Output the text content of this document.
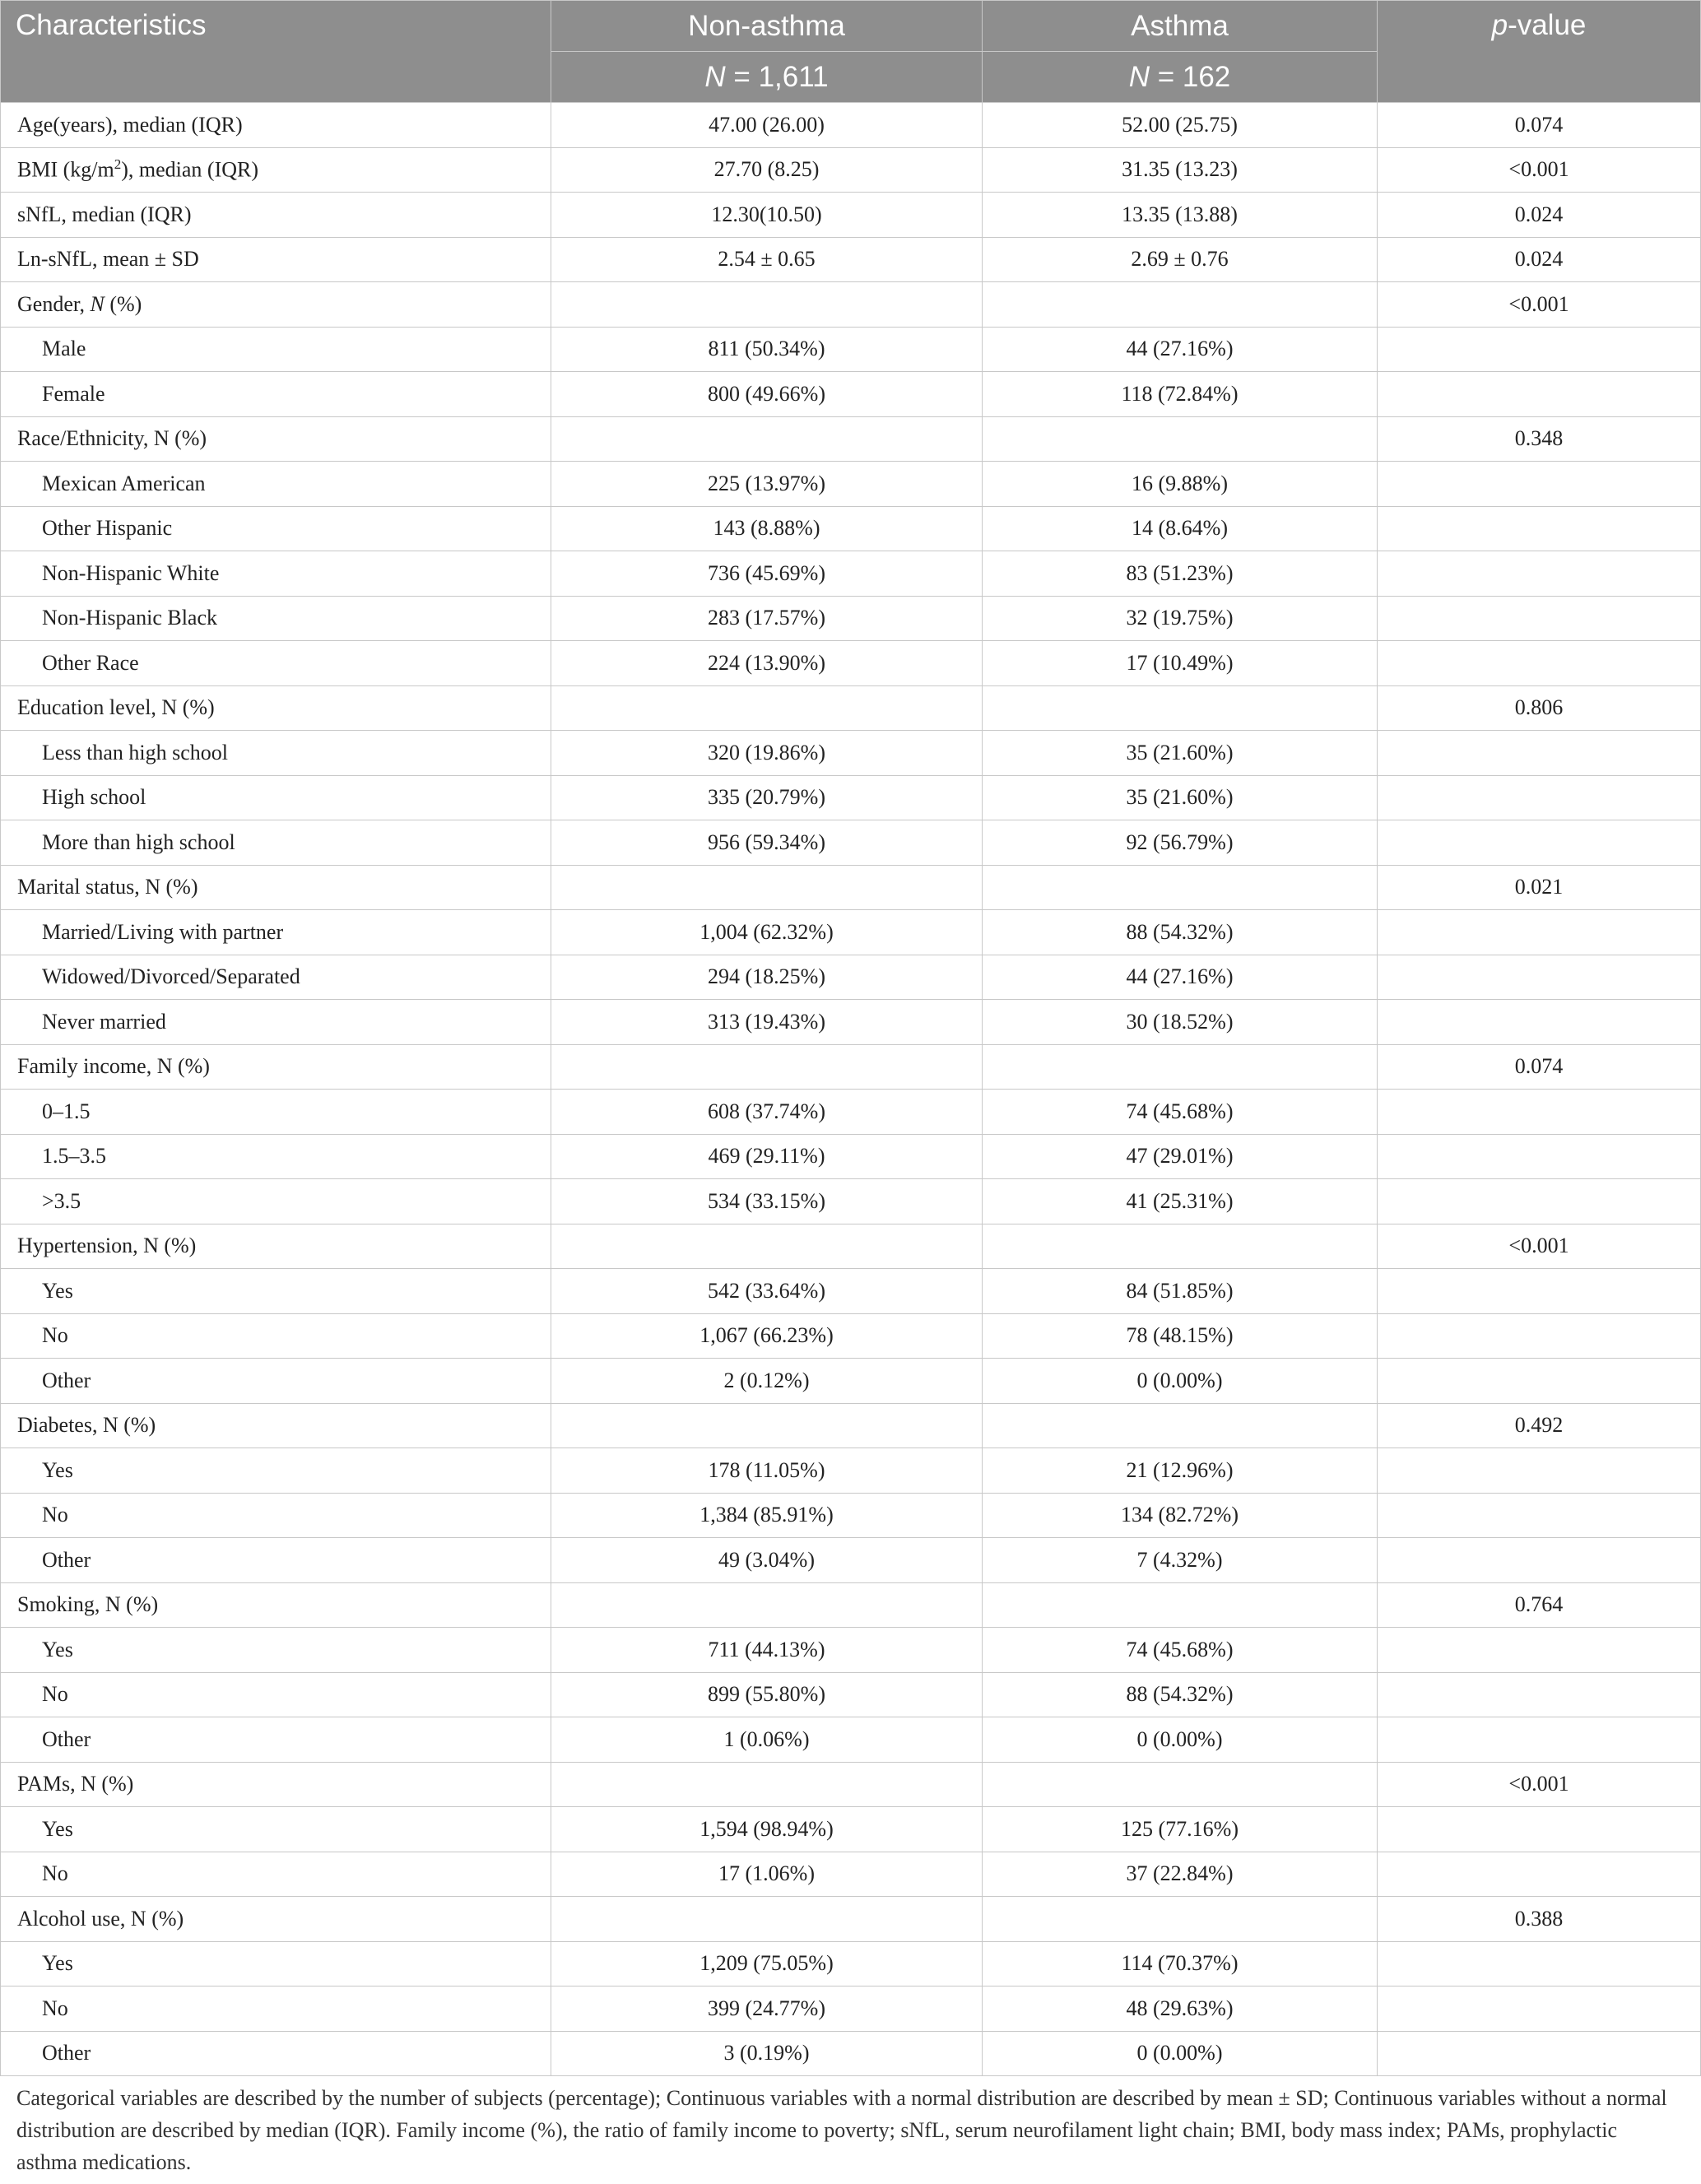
Characteristics	Non-asthma	Asthma	p-value
	N = 1,611	N = 162	
Age(years), median (IQR)	47.00 (26.00)	52.00 (25.75)	0.074
BMI $(kg/m^2)$, median (IQR)	27.70 (8.25)	31.35 (13.23)	<0.001
sNfL, median (IQR)	12.30(10.50)	13.35 (13.88)	0.024
Ln-sNfL, mean ± SD	2.54 ± 0.65	2.69 ± 0.76	0.024
Gender, N (%)			<0.001
Male	811 (50.34%)	44 (27.16%)	
Female	800 (49.66%)	118 (72.84%)	
Race/Ethnicity, N (%)			0.348
Mexican American	225 (13.97%)	16 (9.88%)	
Other Hispanic	143 (8.88%)	14 (8.64%)	
Non-Hispanic White	736 (45.69%)	83 (51.23%)	
Non-Hispanic Black	283 (17.57%)	32 (19.75%)	
Other Race	224 (13.90%)	17 (10.49%)	
Education level, N (%)			0.806
Less than high school	320 (19.86%)	35 (21.60%)	
High school	335 (20.79%)	35 (21.60%)	
More than high school	956 (59.34%)	92 (56.79%)	
Marital status, N (%)			0.021
Married/Living with partner	1,004 (62.32%)	88 (54.32%)	
Widowed/Divorced/Separated	294 (18.25%)	44 (27.16%)	
Never married	313 (19.43%)	30 (18.52%)	
Family income, N (%)			0.074
0–1.5	608 (37.74%)	74 (45.68%)	
1.5–3.5	469 (29.11%)	47 (29.01%)	
>3.5	534 (33.15%)	41 (25.31%)	
Hypertension, N (%)			<0.001
Yes	542 (33.64%)	84 (51.85%)	
No	1,067 (66.23%)	78 (48.15%)	
Other	2 (0.12%)	0 (0.00%)	
Diabetes, N (%)			0.492
Yes	178 (11.05%)	21 (12.96%)	
No	1,384 (85.91%)	134 (82.72%)	
Other	49 (3.04%)	7 (4.32%)	
Smoking, N (%)			0.764
Yes	711 (44.13%)	74 (45.68%)	
No	899 (55.80%)	88 (54.32%)	
Other	1 (0.06%)	0 (0.00%)	
PAMs, N (%)			<0.001
Yes	1,594 (98.94%)	125 (77.16%)	
No	17 (1.06%)	37 (22.84%)	
Alcohol use, N (%)			0.388
Yes	1,209 (75.05%)	114 (70.37%)	
No	399 (24.77%)	48 (29.63%)	
Other	3 (0.19%)	0 (0.00%)	
Categorical variables are described by the number of subjects (percentage); Continuous variables with a normal distribution are described by mean ± SD; Continuous variables without a normal distribution are described by median (IQR). Family income (%), the ratio of family income to poverty; sNfL, serum neurofilament light chain; BMI, body mass index; PAMs, prophylactic asthma medications.
